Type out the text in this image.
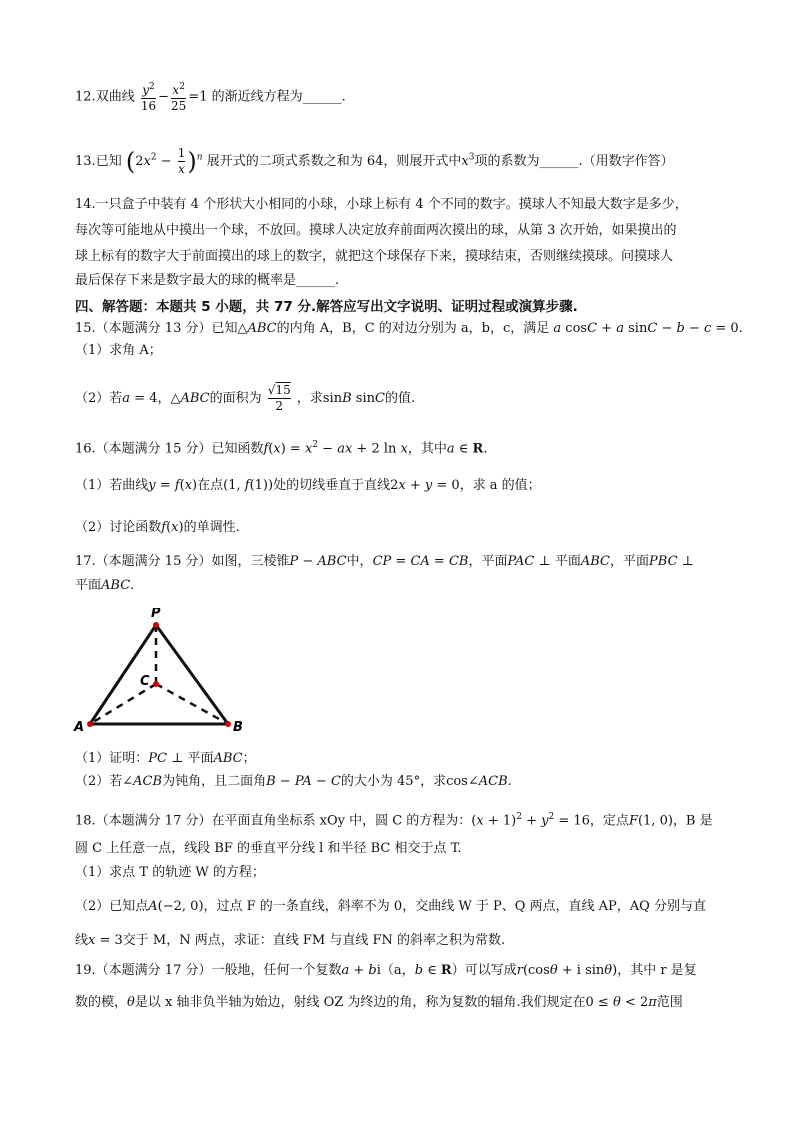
12.双曲线 $\frac{y^2}{16} - \frac{x^2}{25} =1$ 的渐近线方程为______.
13.已知 $(2x^2 - \frac{1}{x} )^n$ 展开式的二项式系数之和为 64，则展开式中$x^3$项的系数为______.（用数字作答）
14.一只盒子中装有 4 个形状大小相同的小球，小球上标有 4 个不同的数字。摸球人不知最大数字是多少，
每次等可能地从中摸出一个球，不放回。摸球人决定放弃前面两次摸出的球，从第 3 次开始，如果摸出的
球上标有的数字大于前面摸出的球上的数字，就把这个球保存下来，摸球结束，否则继续摸球。问摸球人
最后保存下来是数字最大的球的概率是______.
四、解答题：本题共 5 小题，共 77 分.解答应写出文字说明、证明过程或演算步骤.
15.（本题满分 13 分）已知△ABC的内角 A，B，C 的对边分别为 a，b，c，满足 a cosC + a sinC − b − c = 0.
（1）求角 A；
（2）若a = 4，△ABC的面积为 $\frac{√15}{2}$ ，求sinB sinC的值.
16.（本题满分 15 分）已知函数$f(x) = x^2$ − ax + 2 ln x，其中a ∈ R.
（1）若曲线y = f(x)在点(1, f(1))处的切线垂直于直线2x + y = 0，求 a 的值；
（2）讨论函数f(x)的单调性.
17.（本题满分 15 分）如图，三棱锥P − ABC中，CP = CA = CB，平面PAC ⊥ 平面ABC，平面PBC ⊥
平面ABC.
P
A	B
C
（1）证明：PC ⊥ 平面ABC；
（2）若∠ACB为钝角，且二面角B − PA − C的大小为 45°，求cos∠ACB.
18.（本题满分 17 分）在平面直角坐标系 xOy 中，圆 C 的方程为：$(x + 1)^2 + y^2 = 16$，定点F(1, 0)，B 是
圆 C 上任意一点，线段 BF 的垂直平分线 l 和半径 BC 相交于点 T.
（1）求点 T 的轨迹 W 的方程；
（2）已知点A(−2, 0)，过点 F 的一条直线，斜率不为 0，交曲线 W 于 P、Q 两点，直线 AP，AQ 分别与直
线x = 3交于 M，N 两点，求证：直线 FM 与直线 FN 的斜率之积为常数.
19.（本题满分 17 分）一般地，任何一个复数a + bi（a，b ∈ R）可以写成r(cosθ + i sinθ)，其中 r 是复
数的模，θ是以 x 轴非负半轴为始边，射线 OZ 为终边的角，称为复数的辐角.我们规定在0 ≤ θ < 2π范围
